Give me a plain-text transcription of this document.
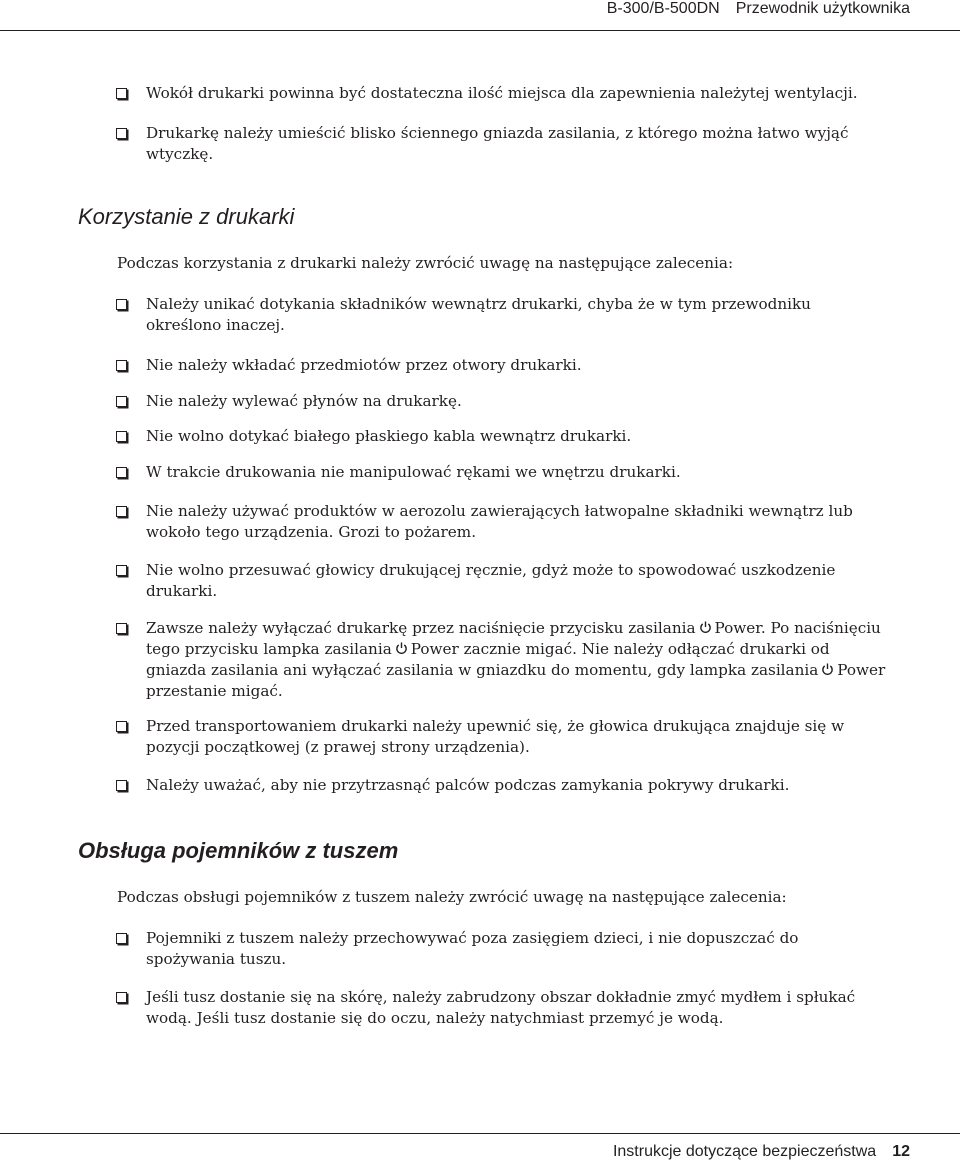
B-300/B-500DN Przewodnik użytkownika
Wokół drukarki powinna być dostateczna ilość miejsca dla zapewnienia należytej wentylacji.
Drukarkę należy umieścić blisko ściennego gniazda zasilania, z którego można łatwo wyjąć wtyczkę.
Korzystanie z drukarki
Podczas korzystania z drukarki należy zwrócić uwagę na następujące zalecenia:
Należy unikać dotykania składników wewnątrz drukarki, chyba że w tym przewodniku określono inaczej.
Nie należy wkładać przedmiotów przez otwory drukarki.
Nie należy wylewać płynów na drukarkę.
Nie wolno dotykać białego płaskiego kabla wewnątrz drukarki.
W trakcie drukowania nie manipulować rękami we wnętrzu drukarki.
Nie należy używać produktów w aerozolu zawierających łatwopalne składniki wewnątrz lub wokoło tego urządzenia. Grozi to pożarem.
Nie wolno przesuwać głowicy drukującej ręcznie, gdyż może to spowodować uszkodzenie drukarki.
Zawsze należy wyłączać drukarkę przez naciśnięcie przycisku zasilania Power. Po naciśnięciu tego przycisku lampka zasilania Power zacznie migać. Nie należy odłączać drukarki od gniazda zasilania ani wyłączać zasilania w gniazdku do momentu, gdy lampka zasilania Power przestanie migać.
Przed transportowaniem drukarki należy upewnić się, że głowica drukująca znajduje się w pozycji początkowej (z prawej strony urządzenia).
Należy uważać, aby nie przytrzasnąć palców podczas zamykania pokrywy drukarki.
Obsługa pojemników z tuszem
Podczas obsługi pojemników z tuszem należy zwrócić uwagę na następujące zalecenia:
Pojemniki z tuszem należy przechowywać poza zasięgiem dzieci, i nie dopuszczać do spożywania tuszu.
Jeśli tusz dostanie się na skórę, należy zabrudzony obszar dokładnie zmyć mydłem i spłukać wodą. Jeśli tusz dostanie się do oczu, należy natychmiast przemyć je wodą.
Instrukcje dotyczące bezpieczeństwa 12
